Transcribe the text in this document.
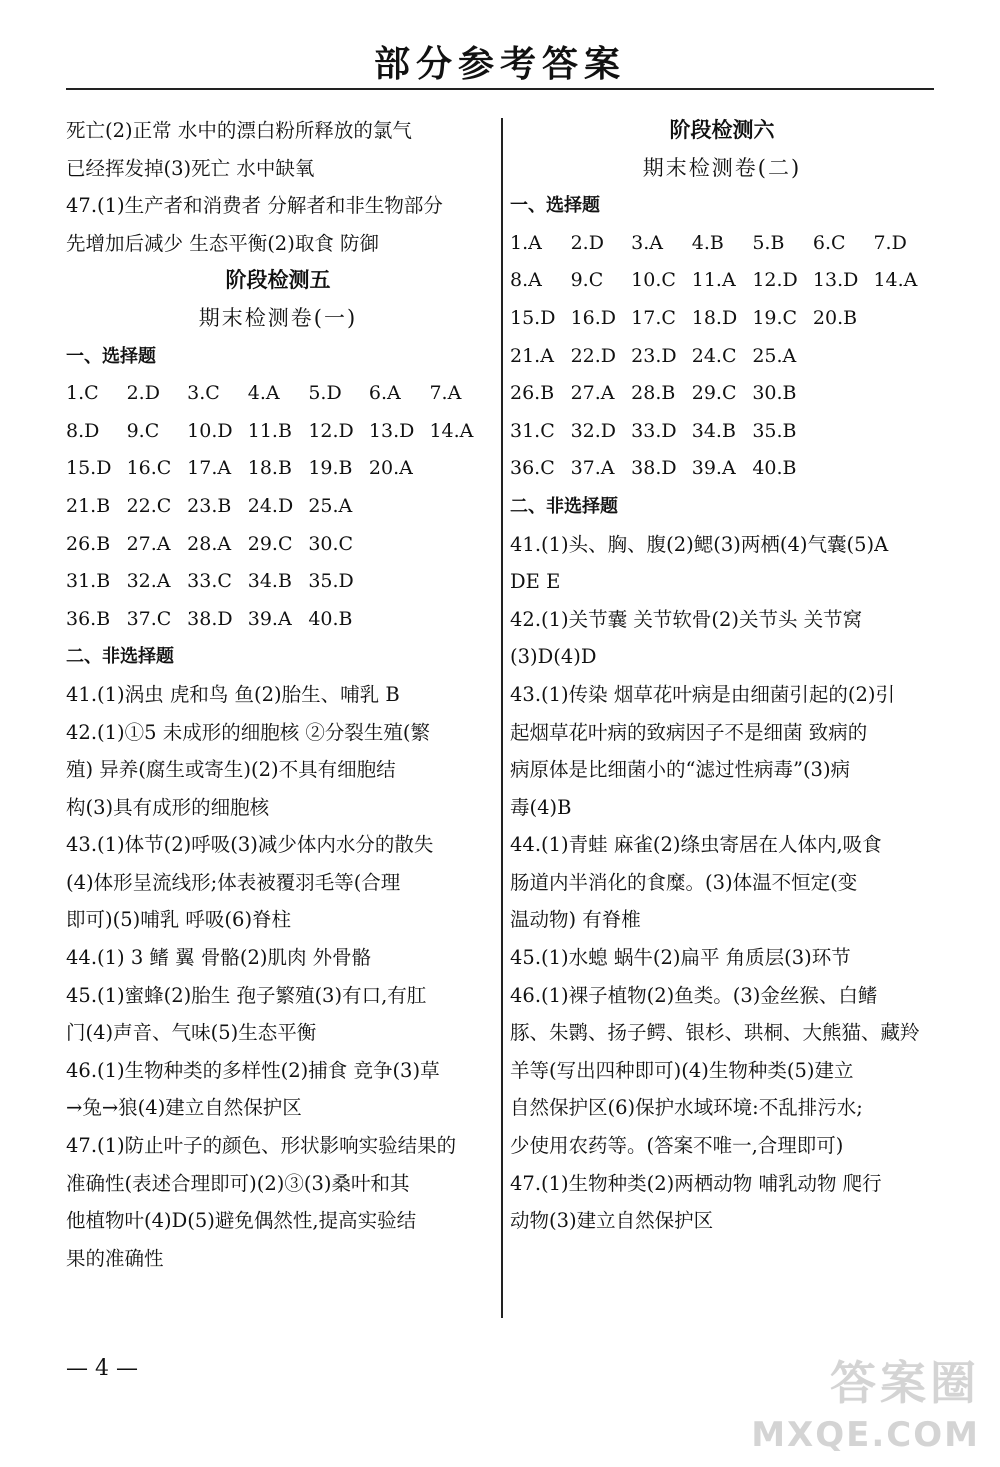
部分参考答案
死亡(2)正常 水中的漂白粉所释放的氯气
已经挥发掉(3)死亡 水中缺氧
47.(1)生产者和消费者 分解者和非生物部分
先增加后减少 生态平衡(2)取食 防御
阶段检测五
期末检测卷(一)
一、选择题
1.C	2.D	3.C	4.A	5.D	6.A	7.A
8.D	9.C	10.D 11.B 12.D 13.D 14.A
15.D 16.C 17.A 18.B 19.B 20.A
21.B 22.C 23.B 24.D 25.A
26.B 27.A 28.A 29.C 30.C
31.B 32.A 33.C 34.B 35.D
36.B 37.C 38.D 39.A 40.B
二、非选择题
41.(1)涡虫 虎和鸟 鱼(2)胎生、哺乳 B
42.(1)①5 未成形的细胞核 ②分裂生殖(繁
殖) 异养(腐生或寄生)(2)不具有细胞结
构(3)具有成形的细胞核
43.(1)体节(2)呼吸(3)减少体内水分的散失
(4)体形呈流线形;体表被覆羽毛等(合理
即可)(5)哺乳 呼吸(6)脊柱
44.(1) 3 鳍 翼 骨骼(2)肌肉 外骨骼
45.(1)蜜蜂(2)胎生 孢子繁殖(3)有口,有肛
门(4)声音、气味(5)生态平衡
46.(1)生物种类的多样性(2)捕食 竞争(3)草
→兔→狼(4)建立自然保护区
47.(1)防止叶子的颜色、形状影响实验结果的
准确性(表述合理即可)(2)③(3)桑叶和其
他植物叶(4)D(5)避免偶然性,提高实验结
果的准确性
阶段检测六
期末检测卷(二)
一、选择题
1.A	2.D	3.A	4.B	5.B	6.C	7.D
8.A	9.C	10.C 11.A 12.D 13.D 14.A
15.D 16.D 17.C 18.D 19.C 20.B
21.A 22.D 23.D 24.C 25.A
26.B 27.A 28.B 29.C 30.B
31.C 32.D 33.D 34.B 35.B
36.C 37.A 38.D 39.A 40.B
二、非选择题
41.(1)头、胸、腹(2)鳃(3)两栖(4)气囊(5)A
DE E
42.(1)关节囊 关节软骨(2)关节头 关节窝
(3)D(4)D
43.(1)传染 烟草花叶病是由细菌引起的(2)引
起烟草花叶病的致病因子不是细菌 致病的
病原体是比细菌小的“滤过性病毒”(3)病
毒(4)B
44.(1)青蛙 麻雀(2)绦虫寄居在人体内,吸食
肠道内半消化的食糜。(3)体温不恒定(变
温动物) 有脊椎
45.(1)水螅 蜗牛(2)扁平 角质层(3)环节
46.(1)裸子植物(2)鱼类。(3)金丝猴、白鳍
豚、朱鹮、扬子鳄、银杉、珙桐、大熊猫、藏羚
羊等(写出四种即可)(4)生物种类(5)建立
自然保护区(6)保护水域环境:不乱排污水;
少使用农药等。(答案不唯一,合理即可)
47.(1)生物种类(2)两栖动物 哺乳动物 爬行
动物(3)建立自然保护区
— 4 —	答案圈
MXQE.COM
